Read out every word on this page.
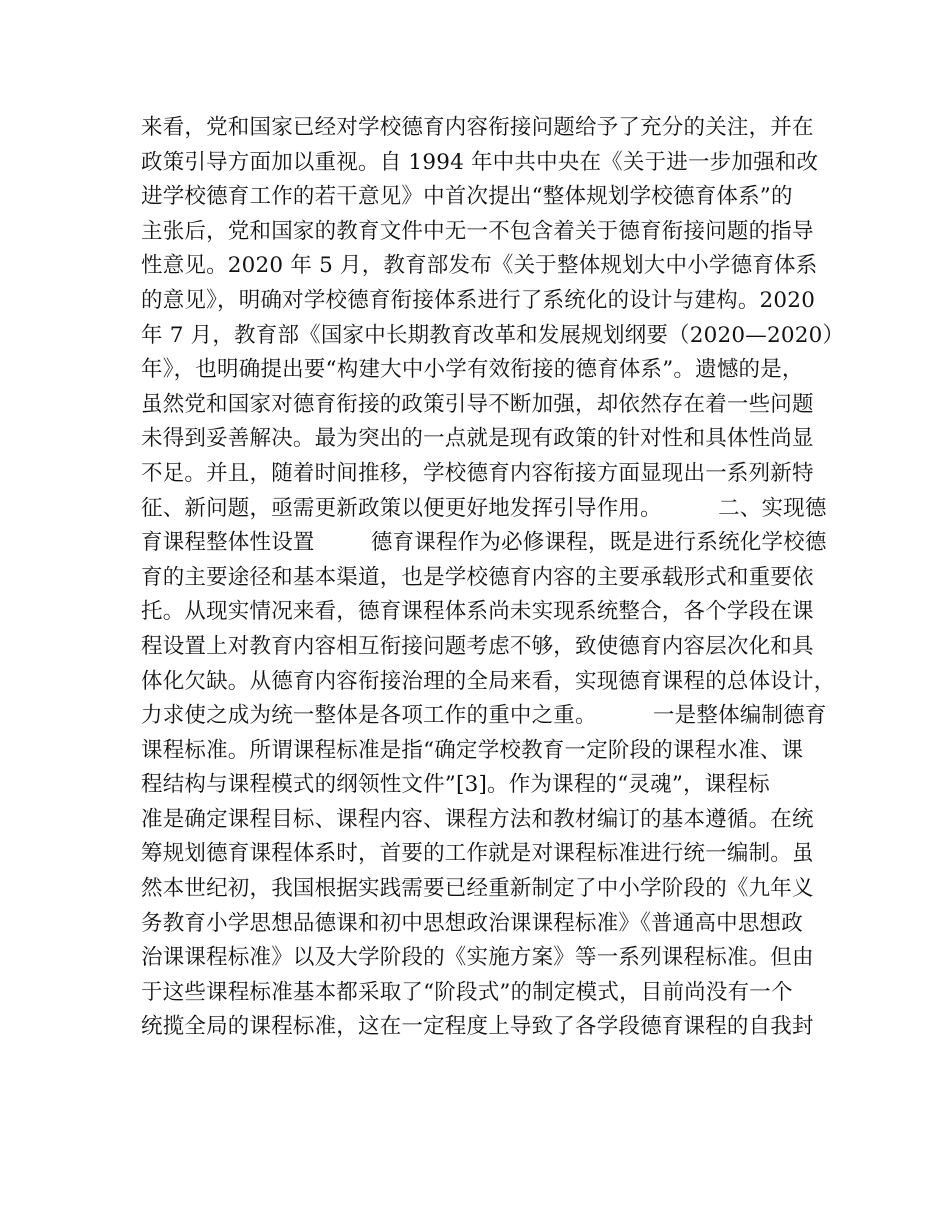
来看，党和国家已经对学校德育内容衔接问题给予了充分的关注，并在
政策引导方面加以重视。自 1994 年中共中央在《关于进一步加强和改
进学校德育工作的若干意见》中首次提出“整体规划学校德育体系”的
主张后，党和国家的教育文件中无一不包含着关于德育衔接问题的指导
性意见。2020 年 5 月，教育部发布《关于整体规划大中小学德育体系
的意见》，明确对学校德育衔接体系进行了系统化的设计与建构。2020
年 7 月，教育部《国家中长期教育改革和发展规划纲要（2020—2020）
年》，也明确提出要“构建大中小学有效衔接的德育体系”。遗憾的是，
虽然党和国家对德育衔接的政策引导不断加强，却依然存在着一些问题
未得到妥善解决。最为突出的一点就是现有政策的针对性和具体性尚显
不足。并且，随着时间推移，学校德育内容衔接方面显现出一系列新特
征、新问题，亟需更新政策以便更好地发挥引导作用。        二、实现德
育课程整体性设置        德育课程作为必修课程，既是进行系统化学校德
育的主要途径和基本渠道，也是学校德育内容的主要承载形式和重要依
托。从现实情况来看，德育课程体系尚未实现系统整合，各个学段在课
程设置上对教育内容相互衔接问题考虑不够，致使德育内容层次化和具
体化欠缺。从德育内容衔接治理的全局来看，实现德育课程的总体设计，
力求使之成为统一整体是各项工作的重中之重。        一是整体编制德育
课程标准。所谓课程标准是指“确定学校教育一定阶段的课程水准、课
程结构与课程模式的纲领性文件”[3]。作为课程的“灵魂”，课程标
准是确定课程目标、课程内容、课程方法和教材编订的基本遵循。在统
筹规划德育课程体系时，首要的工作就是对课程标准进行统一编制。虽
然本世纪初，我国根据实践需要已经重新制定了中小学阶段的《九年义
务教育小学思想品德课和初中思想政治课课程标准》《普通高中思想政
治课课程标准》以及大学阶段的《实施方案》等一系列课程标准。但由
于这些课程标准基本都采取了“阶段式”的制定模式，目前尚没有一个
统揽全局的课程标准，这在一定程度上导致了各学段德育课程的自我封
